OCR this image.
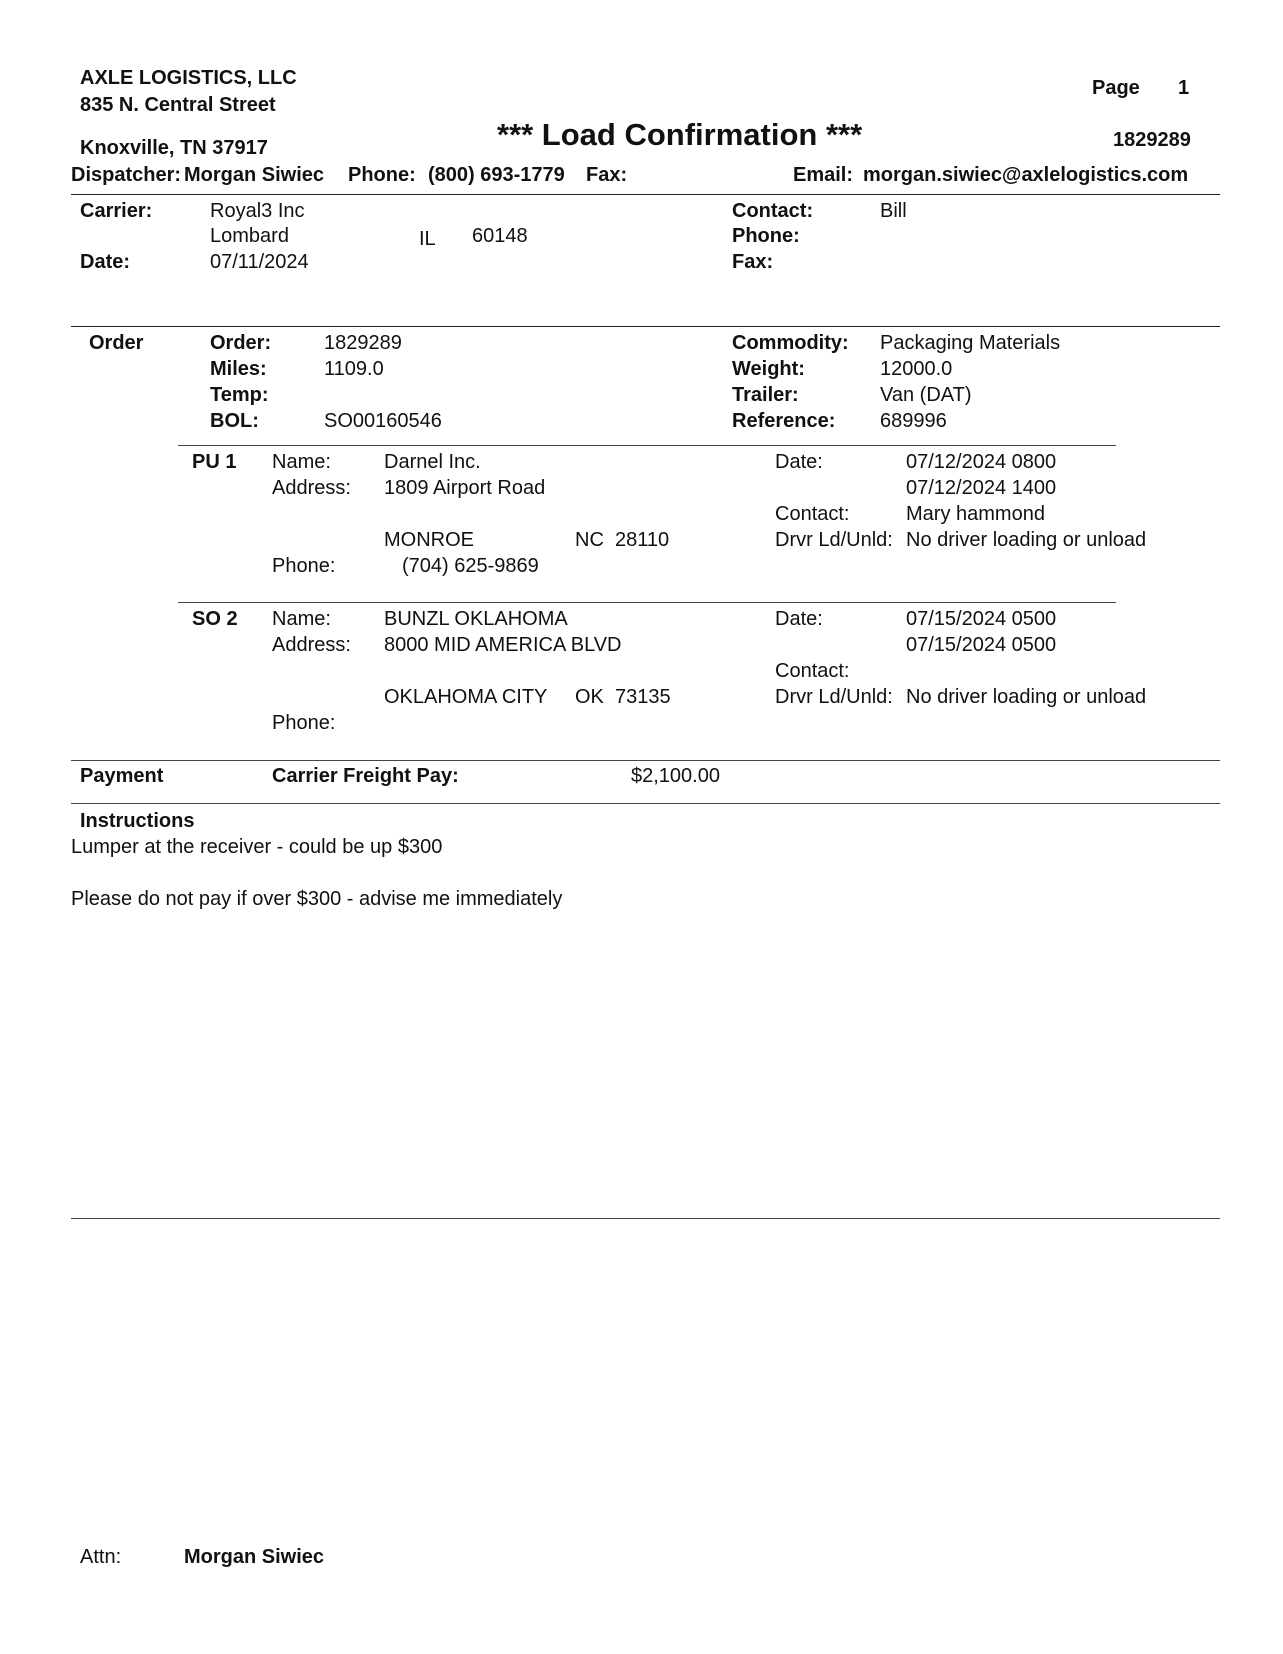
AXLE LOGISTICS, LLC
835 N. Central Street
Knoxville, TN 37917
Page 1
*** Load Confirmation ***	1829289
Dispatcher: Morgan Siwiec Phone: (800) 693-1779 Fax:	Email: morgan.siwiec@axlelogistics.com
Carrier:	Royal3 Inc
Lombard	IL 60148
Date:	07/11/2024
Contact:	Bill
Phone:
Fax:
Order	Order:	1829289
Miles:	1109.0
Temp:
BOL:	SO00160546
Commodity: Packaging Materials
Weight:	12000.0
Trailer:	Van (DAT)
Reference: 689996
PU 1 Name:	Darnel Inc.
Address: 1809 Airport Road
MONROE	NC  28110
Phone:	(704) 625-9869
Date:	07/12/2024 0800
07/12/2024 1400
Contact:	Mary hammond
Drvr Ld/Unld: No driver loading or unload
SO 2 Name:	BUNZL OKLAHOMA
Address: 8000 MID AMERICA BLVD
OKLAHOMA CITY OK  73135
Phone:
Date:	07/15/2024 0500
07/15/2024 0500
Contact:
Drvr Ld/Unld: No driver loading or unload
Payment	Carrier Freight Pay:	$2,100.00
Instructions
Lumper at the receiver - could be up $300
Please do not pay if over $300 - advise me immediately
Attn:	Morgan Siwiec
